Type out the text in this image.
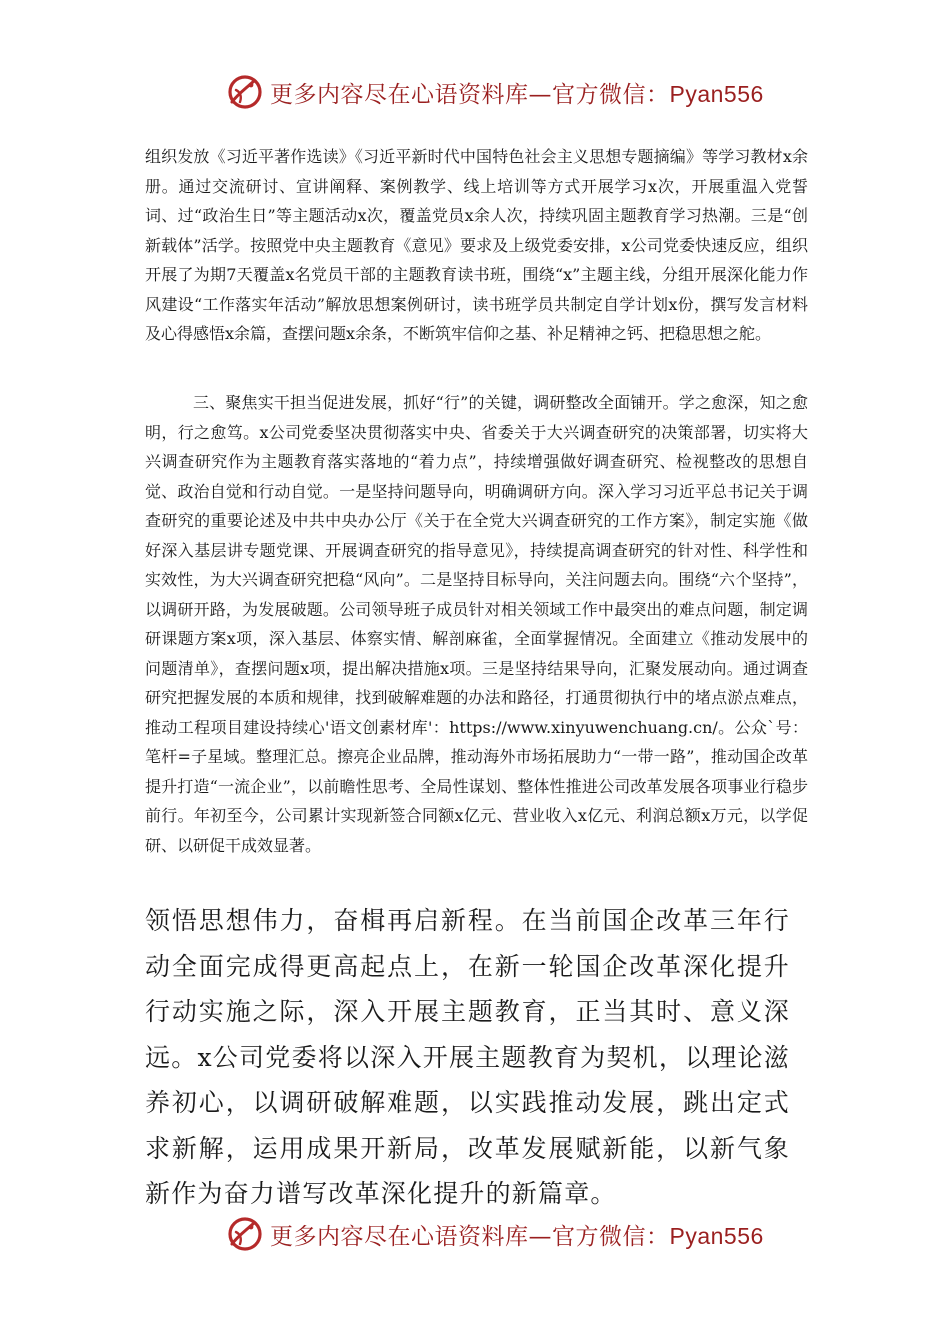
更多内容尽在心语资料库—官方微信：Pyan556

组织发放《习近平著作选读》《习近平新时代中国特色社会主义思想专题摘编》等学习教材x余册。通过交流研讨、宣讲阐释、案例教学、线上培训等方式开展学习x次，开展重温入党誓词、过“政治生日”等主题活动x次，覆盖党员x余人次，持续巩固主题教育学习热潮。三是“创新载体”活学。按照党中央主题教育《意见》要求及上级党委安排，x公司党委快速反应，组织开展了为期7天覆盖x名党员干部的主题教育读书班，围绕“x”主题主线，分组开展深化能力作风建设“工作落实年活动”解放思想案例研讨，读书班学员共制定自学计划x份，撰写发言材料及心得感悟x余篇，查摆问题x余条，不断筑牢信仰之基、补足精神之钙、把稳思想之舵。

三、聚焦实干担当促进发展，抓好“行”的关键，调研整改全面铺开。学之愈深，知之愈明，行之愈笃。x公司党委坚决贯彻落实中央、省委关于大兴调查研究的决策部署，切实将大兴调查研究作为主题教育落实落地的“着力点”，持续增强做好调查研究、检视整改的思想自觉、政治自觉和行动自觉。一是坚持问题导向，明确调研方向。深入学习习近平总书记关于调查研究的重要论述及中共中央办公厅《关于在全党大兴调查研究的工作方案》，制定实施《做好深入基层讲专题党课、开展调查研究的指导意见》，持续提高调查研究的针对性、科学性和实效性，为大兴调查研究把稳“风向”。二是坚持目标导向，关注问题去向。围绕“六个坚持”，以调研开路，为发展破题。公司领导班子成员针对相关领域工作中最突出的难点问题，制定调研课题方案x项，深入基层、体察实情、解剖麻雀，全面掌握情况。全面建立《推动发展中的问题清单》，查摆问题x项，提出解决措施x项。三是坚持结果导向，汇聚发展动向。通过调查研究把握发展的本质和规律，找到破解难题的办法和路径，打通贯彻执行中的堵点淤点难点，推动工程项目建设持续心'语文创素材库'：https://www.xinyuwenchuang.cn/。公众`号：笔杆=子星域。整理汇总。擦亮企业品牌，推动海外市场拓展助力“一带一路”，推动国企改革提升打造“一流企业”，以前瞻性思考、全局性谋划、整体性推进公司改革发展各项事业行稳步前行。年初至今，公司累计实现新签合同额x亿元、营业收入x亿元、利润总额x万元，以学促研、以研促干成效显著。

领悟思想伟力，奋楫再启新程。在当前国企改革三年行动全面完成得更高起点上，在新一轮国企改革深化提升行动实施之际，深入开展主题教育，正当其时、意义深远。x公司党委将以深入开展主题教育为契机，以理论滋养初心，以调研破解难题，以实践推动发展，跳出定式求新解，运用成果开新局，改革发展赋新能，以新气象新作为奋力谱写改革深化提升的新篇章。

更多内容尽在心语资料库—官方微信：Pyan556
